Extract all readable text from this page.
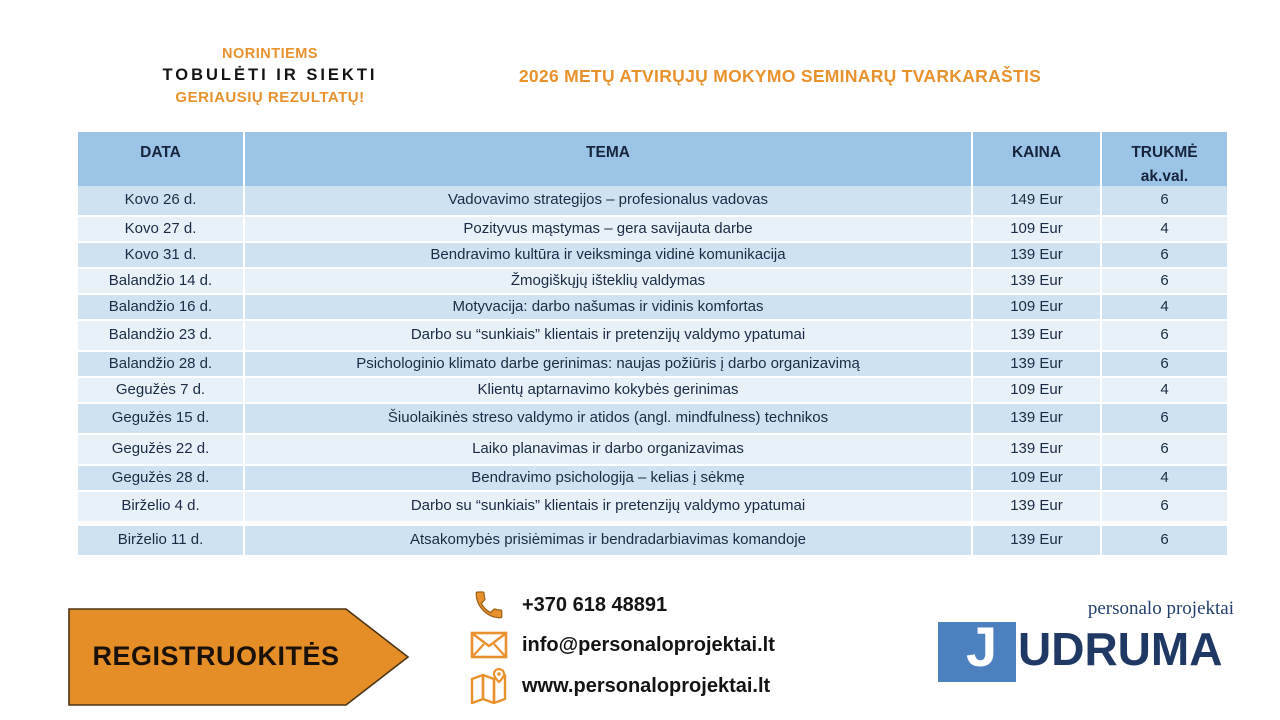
NORINTIEMS
TOBULĖTI IR SIEKTI
GERIAUSIŲ REZULTATŲ!
2026 METŲ ATVIRŲJŲ MOKYMO SEMINARŲ TVARKARAŠTIS
DATA	TEMA	KAINA	TRUKMĖ
ak.val.
Kovo 26 d.	Vadovavimo strategijos – profesionalus vadovas	149 Eur	6
Kovo 27 d.	Pozityvus mąstymas – gera savijauta darbe	109 Eur	4
Kovo 31 d.	Bendravimo kultūra ir veiksminga vidinė komunikacija	139 Eur	6
Balandžio 14 d.	Žmogiškųjų išteklių valdymas	139 Eur	6
Balandžio 16 d.	Motyvacija: darbo našumas ir vidinis komfortas	109 Eur	4
Balandžio 23 d.	Darbo su “sunkiais” klientais ir pretenzijų valdymo ypatumai	139 Eur	6
Balandžio 28 d.	Psichologinio klimato darbe gerinimas: naujas požiūris į darbo organizavimą	139 Eur	6
Gegužės 7 d.	Klientų aptarnavimo kokybės gerinimas	109 Eur	4
Gegužės 15 d.	Šiuolaikinės streso valdymo ir atidos (angl. mindfulness) technikos	139 Eur	6
Gegužės 22 d.	Laiko planavimas ir darbo organizavimas	139 Eur	6
Gegužės 28 d.	Bendravimo psichologija – kelias į sėkmę	109 Eur	4
Birželio 4 d.	Darbo su “sunkiais” klientais ir pretenzijų valdymo ypatumai	139 Eur	6
Birželio 11 d.	Atsakomybės prisiėmimas ir bendradarbiavimas komandoje	139 Eur	6
REGISTRUOKITĖS
+370 618 48891
info@personaloprojektai.lt
www.personaloprojektai.lt
personalo projektai
J UDRUMA
